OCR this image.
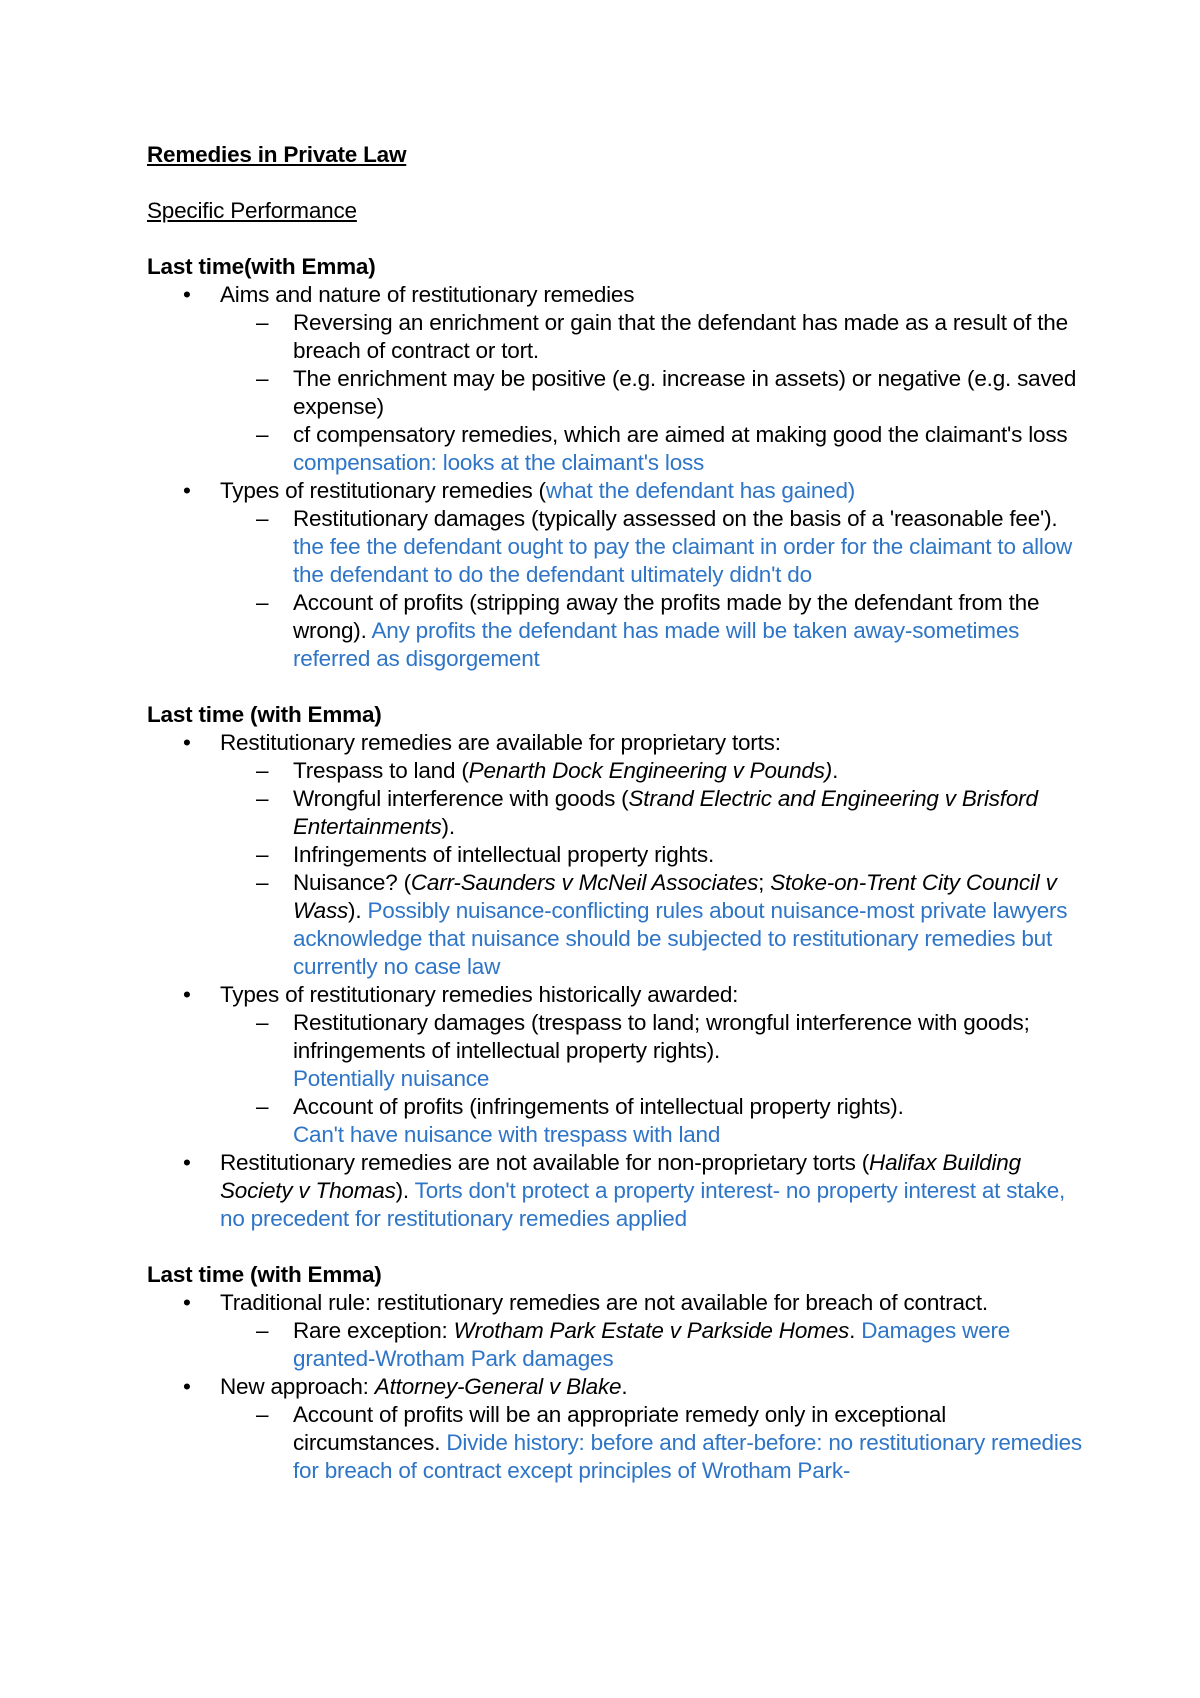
Remedies in Private Law
Specific Performance
Last time(with Emma)
• Aims and nature of restitutionary remedies
– Reversing an enrichment or gain that the defendant has made as a result of the breach of contract or tort.
– The enrichment may be positive (e.g. increase in assets) or negative (e.g. saved expense)
– cf compensatory remedies, which are aimed at making good the claimant's loss compensation: looks at the claimant's loss
• Types of restitutionary remedies (what the defendant has gained)
– Restitutionary damages (typically assessed on the basis of a 'reasonable fee'). the fee the defendant ought to pay the claimant in order for the claimant to allow the defendant to do the defendant ultimately didn't do
– Account of profits (stripping away the profits made by the defendant from the wrong). Any profits the defendant has made will be taken away-sometimes referred as disgorgement
Last time (with Emma)
• Restitutionary remedies are available for proprietary torts:
– Trespass to land (Penarth Dock Engineering v Pounds).
– Wrongful interference with goods (Strand Electric and Engineering v Brisford Entertainments).
– Infringements of intellectual property rights.
– Nuisance? (Carr-Saunders v McNeil Associates; Stoke-on-Trent City Council v Wass). Possibly nuisance-conflicting rules about nuisance-most private lawyers acknowledge that nuisance should be subjected to restitutionary remedies but currently no case law
• Types of restitutionary remedies historically awarded:
– Restitutionary damages (trespass to land; wrongful interference with goods; infringements of intellectual property rights).
Potentially nuisance
– Account of profits (infringements of intellectual property rights).
Can't have nuisance with trespass with land
• Restitutionary remedies are not available for non-proprietary torts (Halifax Building Society v Thomas). Torts don't protect a property interest- no property interest at stake, no precedent for restitutionary remedies applied
Last time (with Emma)
• Traditional rule: restitutionary remedies are not available for breach of contract.
– Rare exception: Wrotham Park Estate v Parkside Homes. Damages were granted-Wrotham Park damages
• New approach: Attorney-General v Blake.
– Account of profits will be an appropriate remedy only in exceptional circumstances. Divide history: before and after-before: no restitutionary remedies for breach of contract except principles of Wrotham Park-
